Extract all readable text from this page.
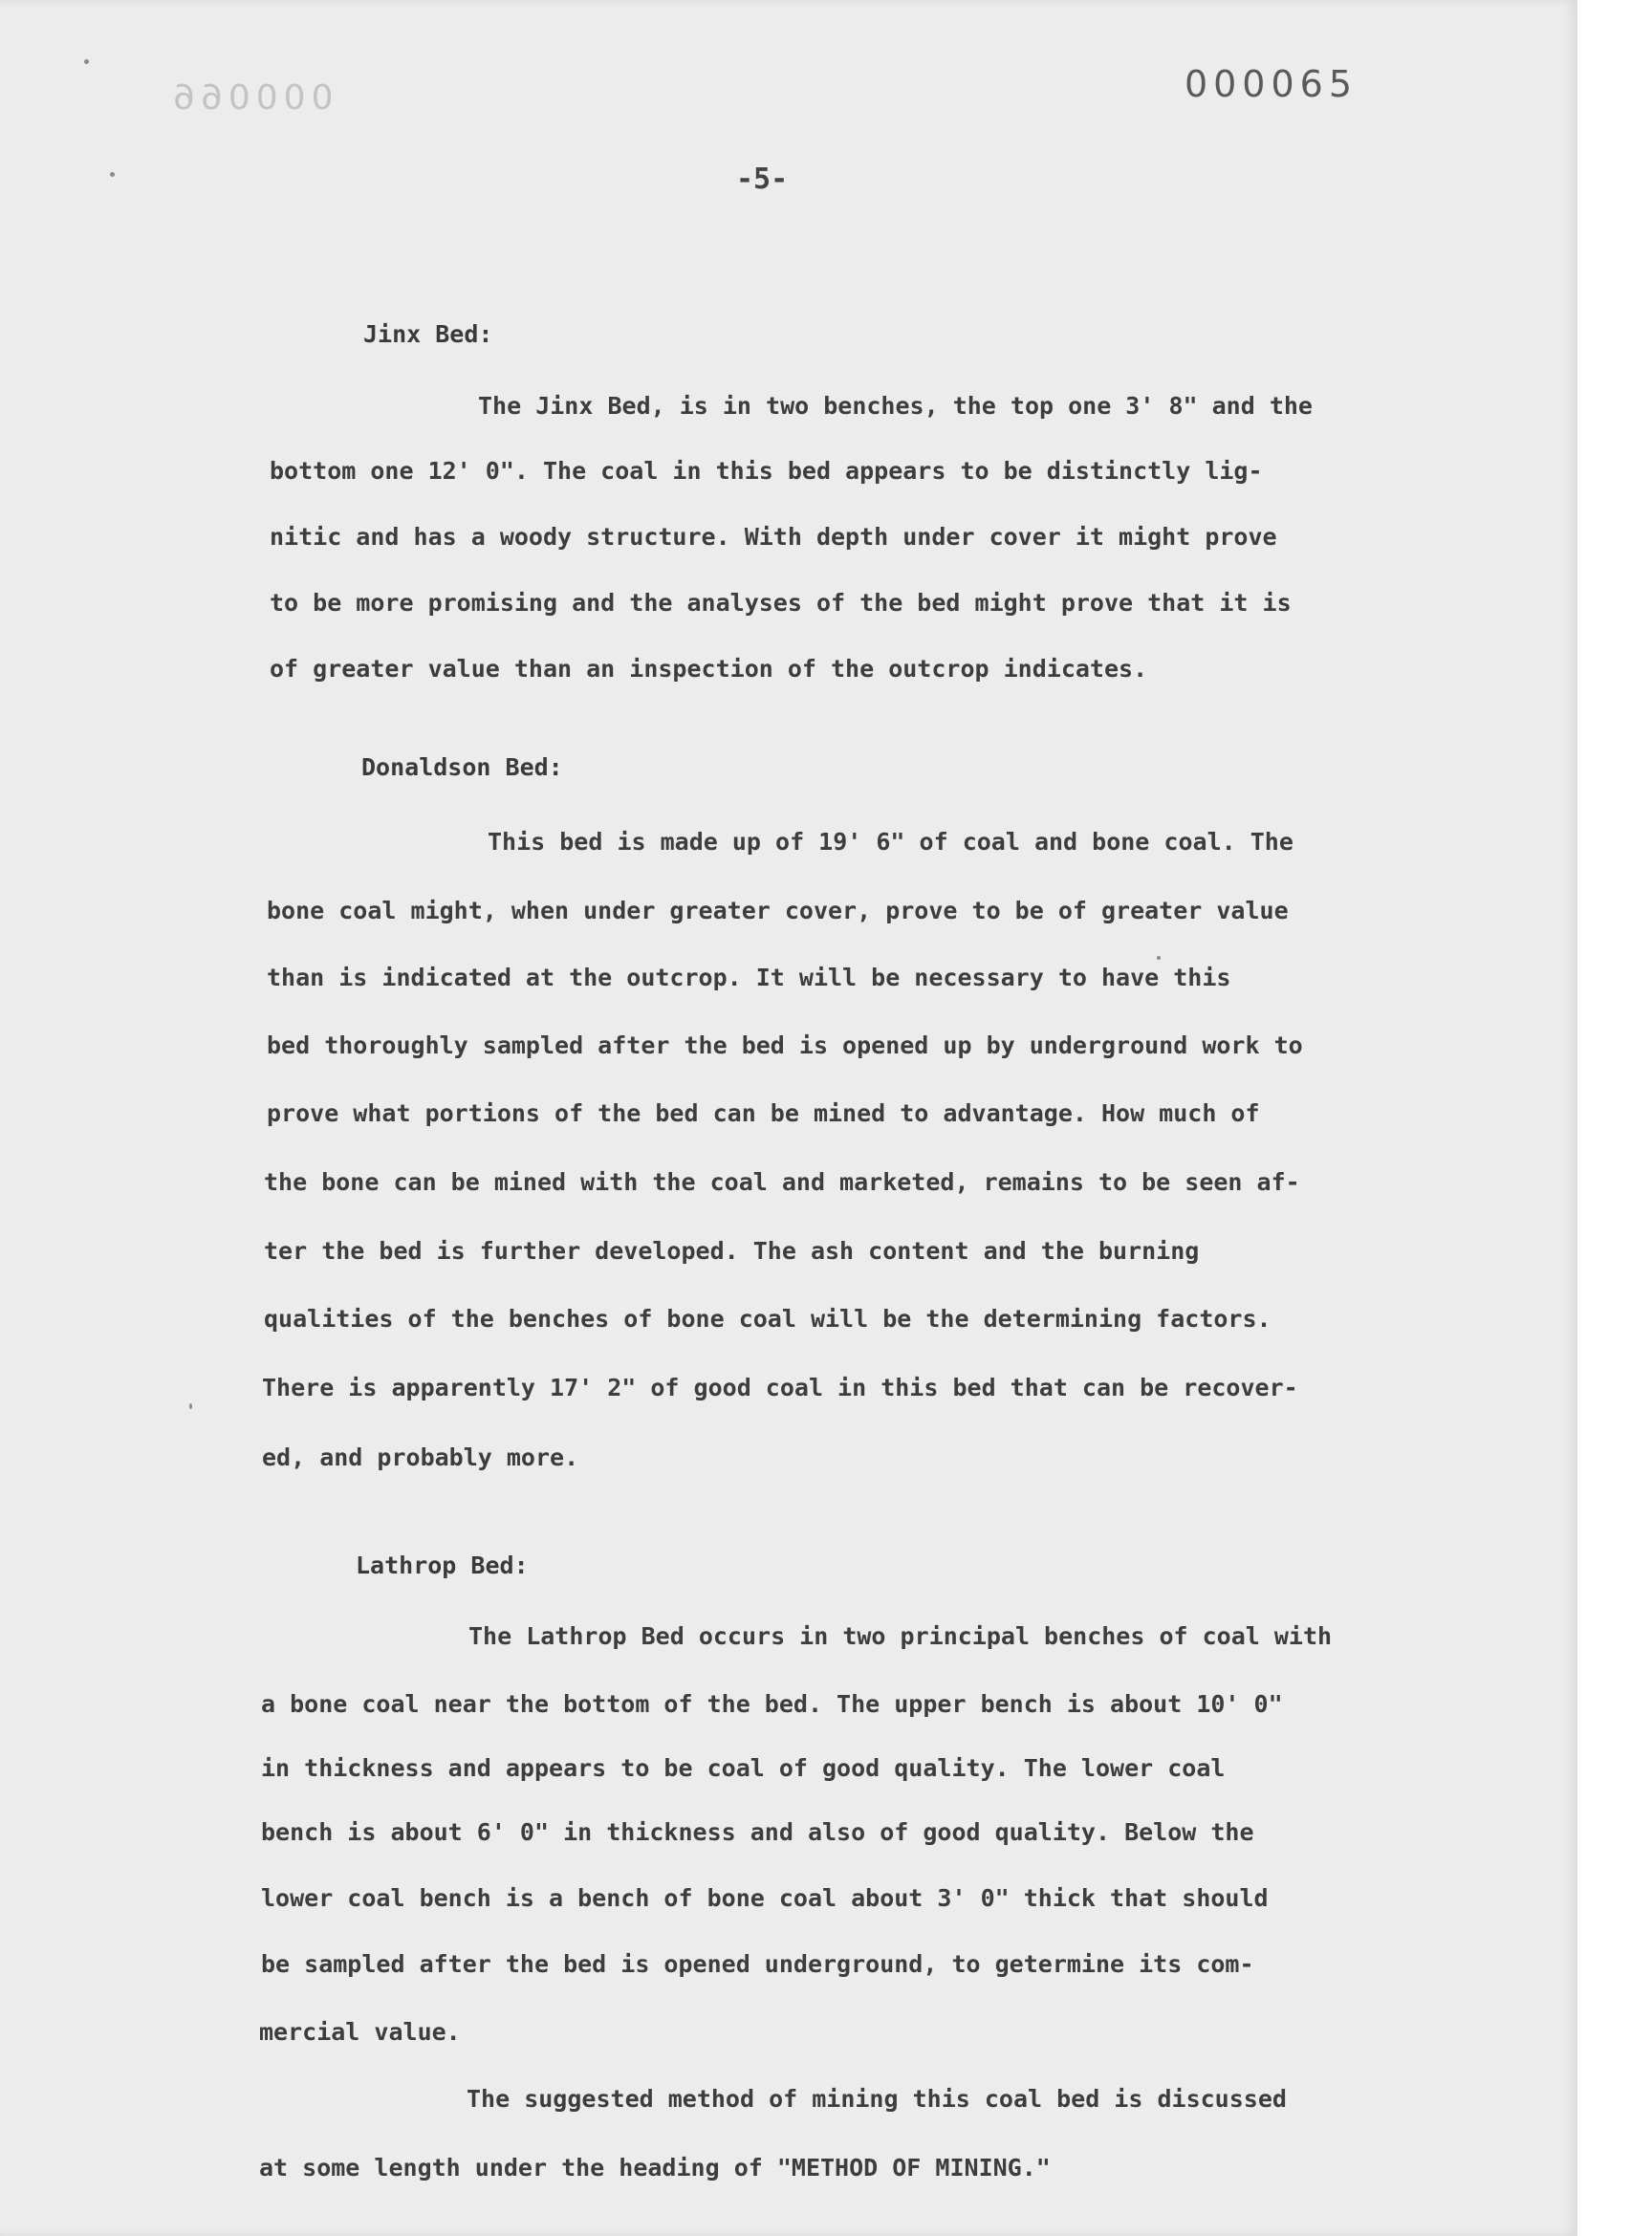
000066	000065
-5-
Jinx Bed:
The Jinx Bed, is in two benches, the top one 3' 8" and the
bottom one 12' 0". The coal in this bed appears to be distinctly lig-
nitic and has a woody structure. With depth under cover it might prove
to be more promising and the analyses of the bed might prove that it is
of greater value than an inspection of the outcrop indicates.
Donaldson Bed:
This bed is made up of 19' 6" of coal and bone coal. The
bone coal might, when under greater cover, prove to be of greater value
than is indicated at the outcrop. It will be necessary to have this
bed thoroughly sampled after the bed is opened up by underground work to
prove what portions of the bed can be mined to advantage. How much of
the bone can be mined with the coal and marketed, remains to be seen af-
ter the bed is further developed. The ash content and the burning
qualities of the benches of bone coal will be the determining factors.
There is apparently 17' 2" of good coal in this bed that can be recover-
ed, and probably more.
Lathrop Bed:
The Lathrop Bed occurs in two principal benches of coal with
a bone coal near the bottom of the bed. The upper bench is about 10' 0"
in thickness and appears to be coal of good quality. The lower coal
bench is about 6' 0" in thickness and also of good quality. Below the
lower coal bench is a bench of bone coal about 3' 0" thick that should
be sampled after the bed is opened underground, to getermine its com-
mercial value.
The suggested method of mining this coal bed is discussed
at some length under the heading of "METHOD OF MINING."
